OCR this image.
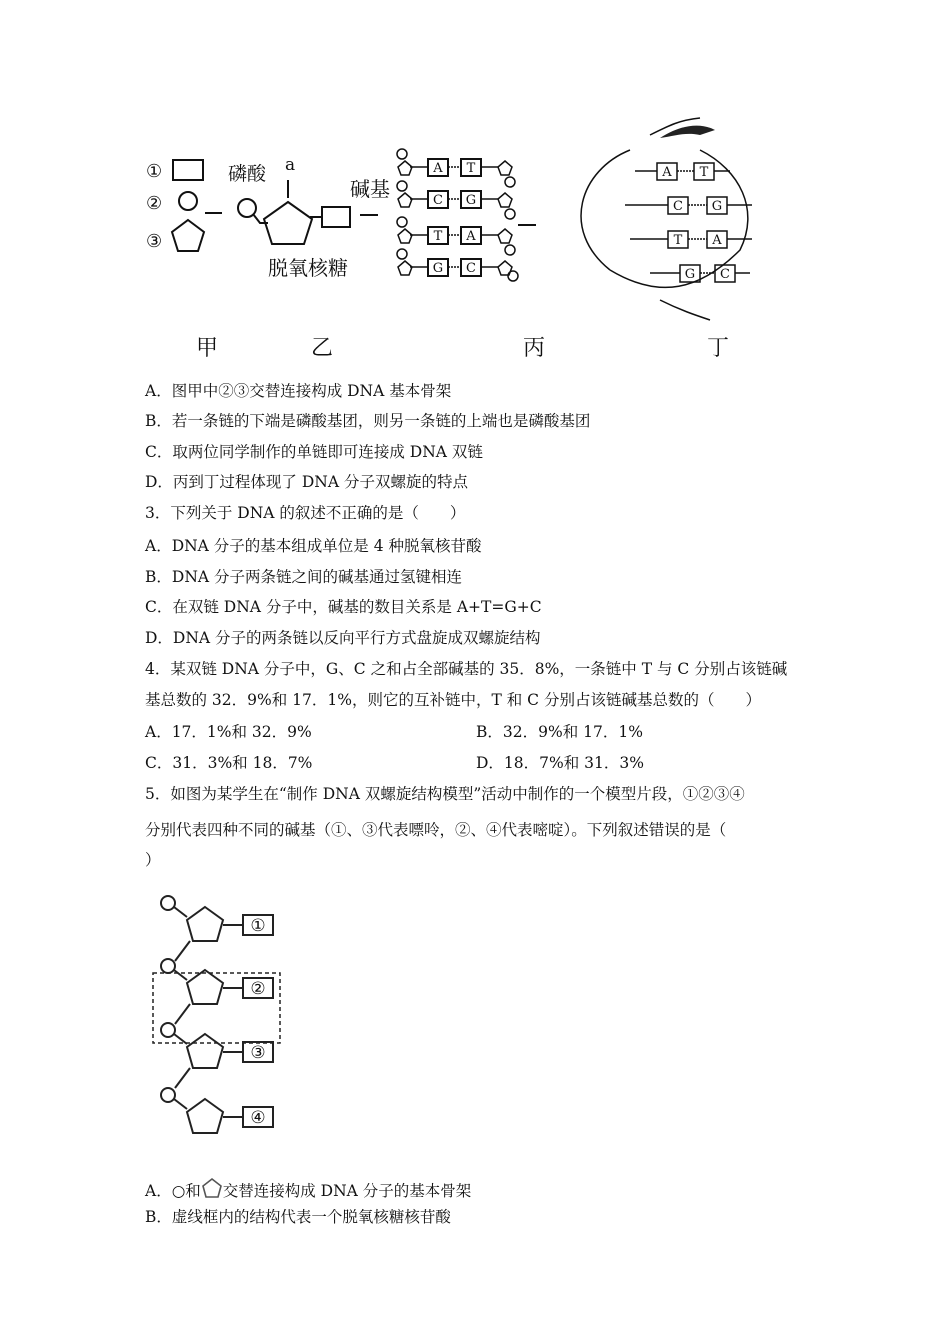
①
②
③
磷酸 a
碱基
脱氧核糖
A T
C G
T A
G C
A T
C G
T A
G C
甲	乙	丙	丁
A．图甲中②③交替连接构成 DNA 基本骨架
B．若一条链的下端是磷酸基团，则另一条链的上端也是磷酸基团
C．取两位同学制作的单链即可连接成 DNA 双链
D．丙到丁过程体现了 DNA 分子双螺旋的特点
3．下列关于 DNA 的叙述不正确的是（　　）
A．DNA 分子的基本组成单位是 4 种脱氧核苷酸
B．DNA 分子两条链之间的碱基通过氢键相连
C．在双链 DNA 分子中，碱基的数目关系是 A+T=G+C
D．DNA 分子的两条链以反向平行方式盘旋成双螺旋结构
4．某双链 DNA 分子中，G、C 之和占全部碱基的 35．8%，一条链中 T 与 C 分别占该链碱
基总数的 32．9%和 17．1%，则它的互补链中，T 和 C 分别占该链碱基总数的（　　）
A．17．1%和 32．9%	B．32．9%和 17．1%
C．31．3%和 18．7%	D．18．7%和 31．3%
5．如图为某学生在“制作 DNA 双螺旋结构模型”活动中制作的一个模型片段，①②③④
分别代表四种不同的碱基（①、③代表嘌呤，②、④代表嘧啶）。下列叙述错误的是（
）
①
②
③
④
A．○和 交替连接构成 DNA 分子的基本骨架
B．虚线框内的结构代表一个脱氧核糖核苷酸
